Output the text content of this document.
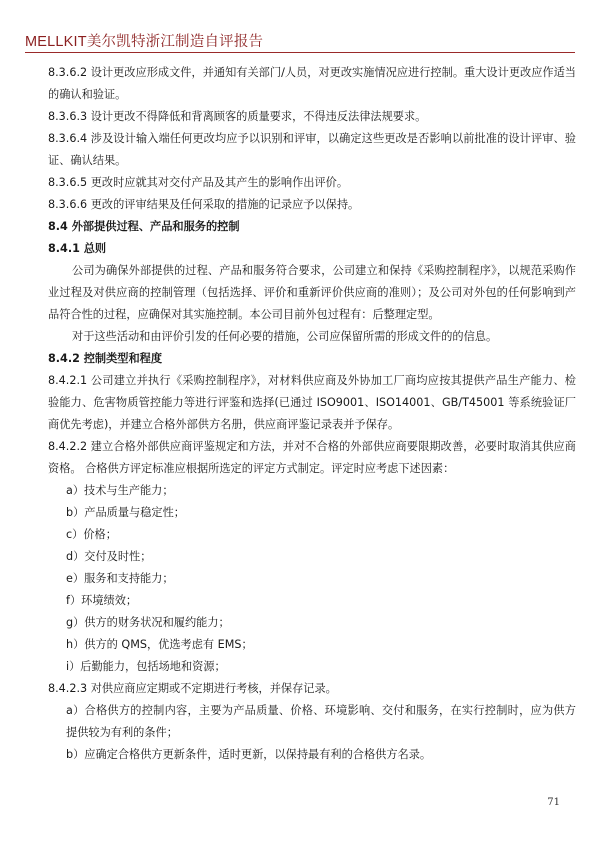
MELLKIT美尔凯特浙江制造自评报告

8.3.6.2 设计更改应形成文件，并通知有关部门/人员，对更改实施情况应进行控制。重大设计更改应作适当的确认和验证。

8.3.6.3 设计更改不得降低和背离顾客的质量要求，不得违反法律法规要求。

8.3.6.4 涉及设计输入端任何更改均应予以识别和评审，以确定这些更改是否影响以前批准的设计评审、验证、确认结果。

8.3.6.5 更改时应就其对交付产品及其产生的影响作出评价。

8.3.6.6 更改的评审结果及任何采取的措施的记录应予以保持。

8.4 外部提供过程、产品和服务的控制

8.4.1 总则

公司为确保外部提供的过程、产品和服务符合要求，公司建立和保持《采购控制程序》，以规范采购作业过程及对供应商的控制管理（包括选择、评价和重新评价供应商的准则）；及公司对外包的任何影响到产品符合性的过程，应确保对其实施控制。本公司目前外包过程有：后整理定型。

对于这些活动和由评价引发的任何必要的措施，公司应保留所需的形成文件的的信息。

8.4.2 控制类型和程度

8.4.2.1 公司建立并执行《采购控制程序》，对材料供应商及外协加工厂商均应按其提供产品生产能力、检验能力、危害物质管控能力等进行评鉴和选择(已通过 ISO9001、ISO14001、GB/T45001 等系统验证厂商优先考虑)，并建立合格外部供方名册，供应商评鉴记录表并予保存。

8.4.2.2 建立合格外部供应商评鉴规定和方法，并对不合格的外部供应商要限期改善，必要时取消其供应商资格。 合格供方评定标准应根据所选定的评定方式制定。评定时应考虑下述因素：

a）技术与生产能力；

b）产品质量与稳定性；

c）价格；

d）交付及时性；

e）服务和支持能力；

f）环境绩效；

g）供方的财务状况和履约能力；

h）供方的 QMS，优选考虑有 EMS；

i）后勤能力，包括场地和资源；

8.4.2.3 对供应商应定期或不定期进行考核，并保存记录。

a）合格供方的控制内容，主要为产品质量、价格、环境影响、交付和服务，在实行控制时，应为供方提供较为有利的条件；

b）应确定合格供方更新条件，适时更新，以保持最有利的合格供方名录。

71
